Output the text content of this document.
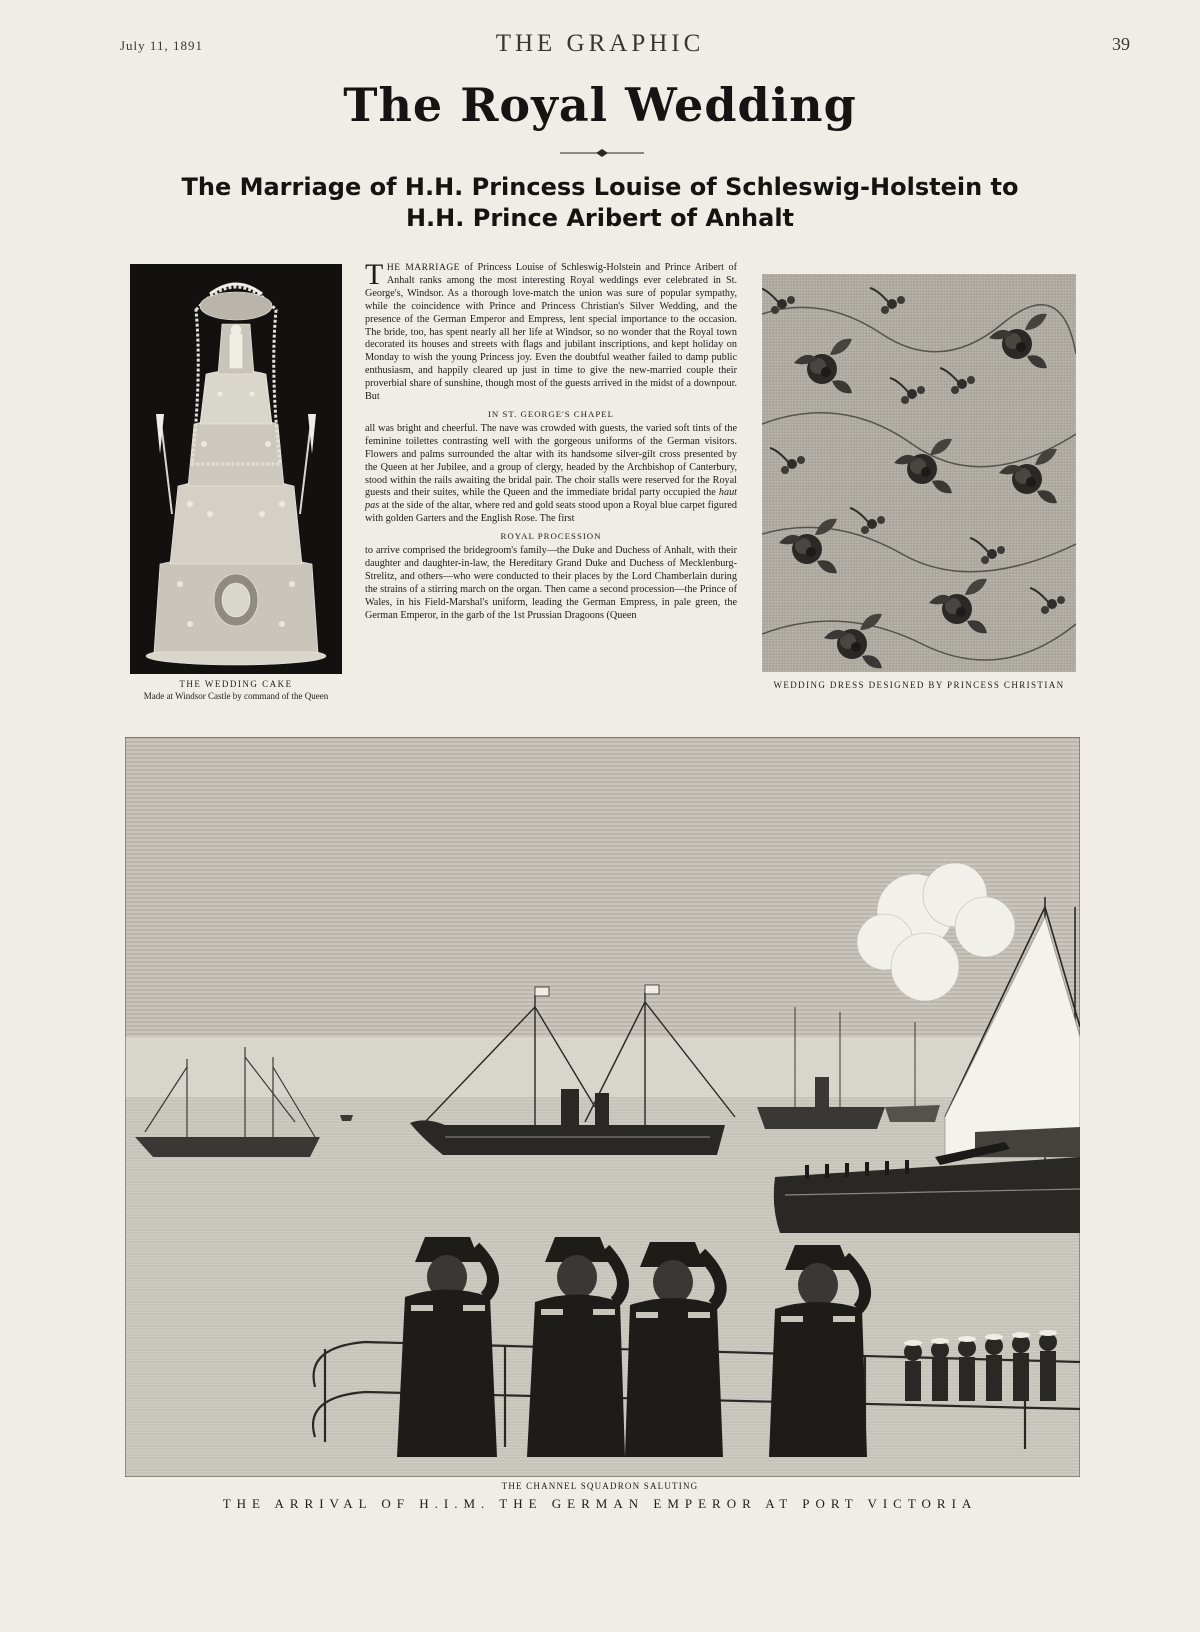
July 11, 1891	THE GRAPHIC	39
The Royal Wedding
The Marriage of H.H. Princess Louise of Schleswig-Holstein to
H.H. Prince Aribert of Anhalt
THE WEDDING CAKE
Made at Windsor Castle by command of the Queen

THE MARRIAGE of Princess Louise of Schleswig-Holstein and Prince Aribert of Anhalt ranks among the most interesting Royal weddings ever celebrated in St. George's, Windsor. As a thorough love-match the union was sure of popular sympathy, while the coincidence with Prince and Princess Christian's Silver Wedding, and the presence of the German Emperor and Empress, lent special importance to the occasion. The bride, too, has spent nearly all her life at Windsor, so no wonder that the Royal town decorated its houses and streets with flags and jubilant inscriptions, and kept holiday on Monday to wish the young Princess joy. Even the doubtful weather failed to damp public enthusiasm, and happily cleared up just in time to give the new-married couple their proverbial share of sunshine, though most of the guests arrived in the midst of a downpour. But

IN ST. GEORGE'S CHAPEL

all was bright and cheerful. The nave was crowded with guests, the varied soft tints of the feminine toilettes contrasting well with the gorgeous uniforms of the German visitors. Flowers and palms surrounded the altar with its handsome silver-gilt cross presented by the Queen at her Jubilee, and a group of clergy, headed by the Archbishop of Canterbury, stood within the rails awaiting the bridal pair. The choir stalls were reserved for the Royal guests and their suites, while the Queen and the immediate bridal party occupied the haut pas at the side of the altar, where red and gold seats stood upon a Royal blue carpet figured with golden Garters and the English Rose. The first

ROYAL PROCESSION

to arrive comprised the bridegroom's family—the Duke and Duchess of Anhalt, with their daughter and daughter-in-law, the Hereditary Grand Duke and Duchess of Mecklenburg-Strelitz, and others—who were conducted to their places by the Lord Chamberlain during the strains of a stirring march on the organ. Then came a second procession—the Prince of Wales, in his Field-Marshal's uniform, leading the German Empress, in pale green, the German Emperor, in the garb of the 1st Prussian Dragoons (Queen

WEDDING DRESS DESIGNED BY PRINCESS CHRISTIAN
THE CHANNEL SQUADRON SALUTING
THE ARRIVAL OF H.I.M. THE GERMAN EMPEROR AT PORT VICTORIA
